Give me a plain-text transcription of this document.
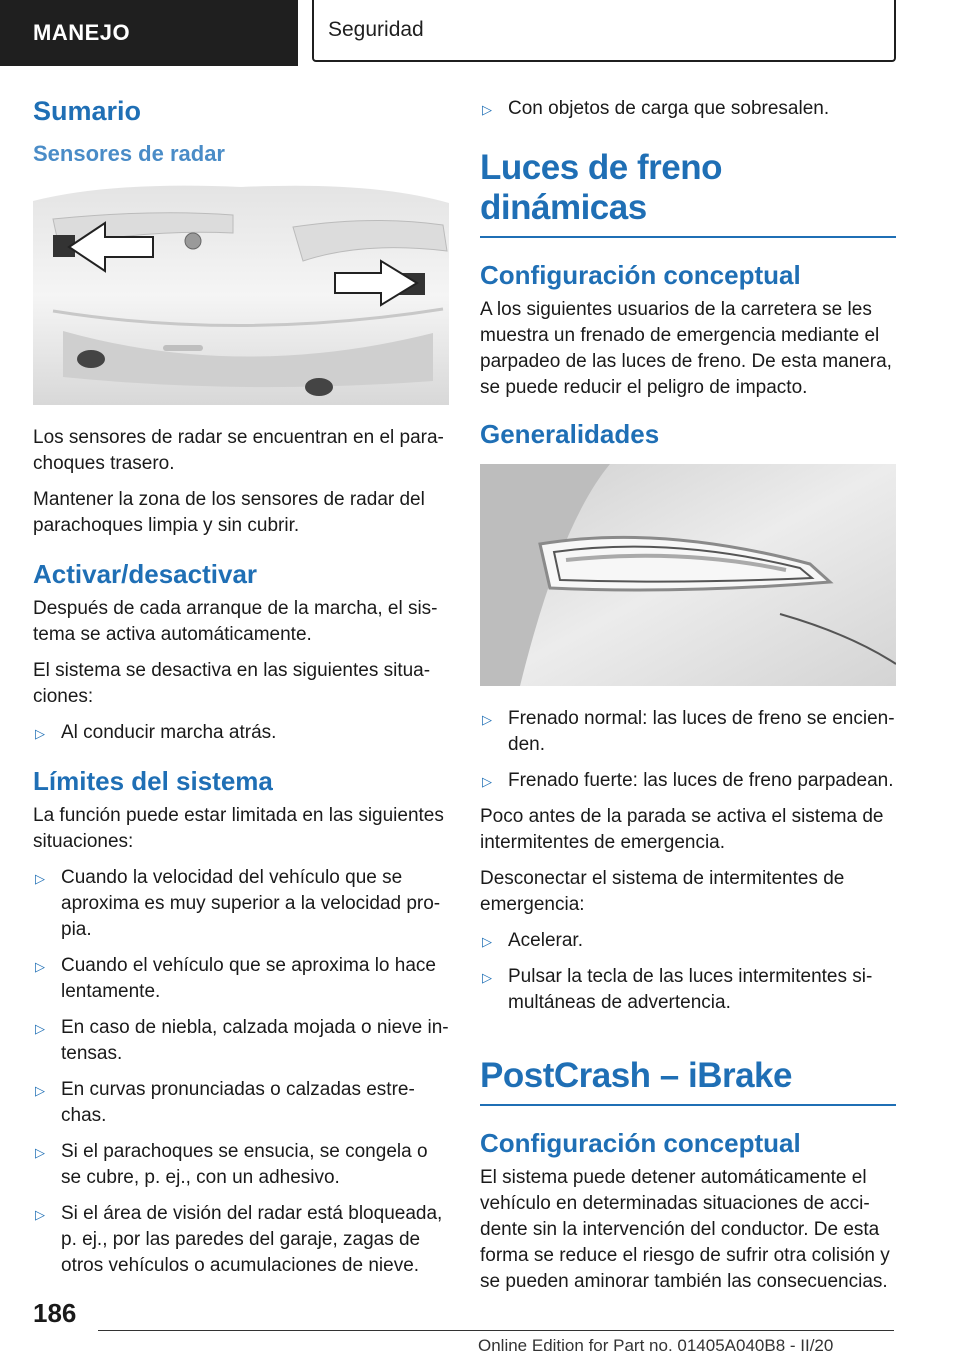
MANEJO	Seguridad
Sumario
Sensores de radar

Los sensores de radar se encuentran en el para-choques trasero.

Mantener la zona de los sensores de radar del parachoques limpia y sin cubrir.

Activar/desactivar

Después de cada arranque de la marcha, el sis-tema se activa automáticamente.

El sistema se desactiva en las siguientes situa-ciones:

▷ Al conducir marcha atrás.
Límites del sistema

La función puede estar limitada en las siguientes situaciones:

▷ Cuando la velocidad del vehículo que se aproxima es muy superior a la velocidad pro-pia.
▷ Cuando el vehículo que se aproxima lo hace lentamente.
▷ En caso de niebla, calzada mojada o nieve in-tensas.
▷ En curvas pronunciadas o calzadas estre-chas.
▷ Si el parachoques se ensucia, se congela o se cubre, p. ej., con un adhesivo.
▷ Si el área de visión del radar está bloqueada, p. ej., por las paredes del garaje, zagas de otros vehículos o acumulaciones de nieve.
▷ Con objetos de carga que sobresalen.
Luces de freno dinámicas
Configuración conceptual

A los siguientes usuarios de la carretera se les muestra un frenado de emergencia mediante el parpadeo de las luces de freno. De esta manera, se puede reducir el peligro de impacto.

Generalidades
▷ Frenado normal: las luces de freno se encien-den.
▷ Frenado fuerte: las luces de freno parpadean.

Poco antes de la parada se activa el sistema de intermitentes de emergencia.

Desconectar el sistema de intermitentes de emergencia:

▷ Acelerar.
▷ Pulsar la tecla de las luces intermitentes si-multáneas de advertencia.
PostCrash – iBrake
Configuración conceptual

El sistema puede detener automáticamente el vehículo en determinadas situaciones de acci-dente sin la intervención del conductor. De esta forma se reduce el riesgo de sufrir otra colisión y se pueden aminorar también las consecuencias.

186
Online Edition for Part no. 01405A040B8 - II/20
